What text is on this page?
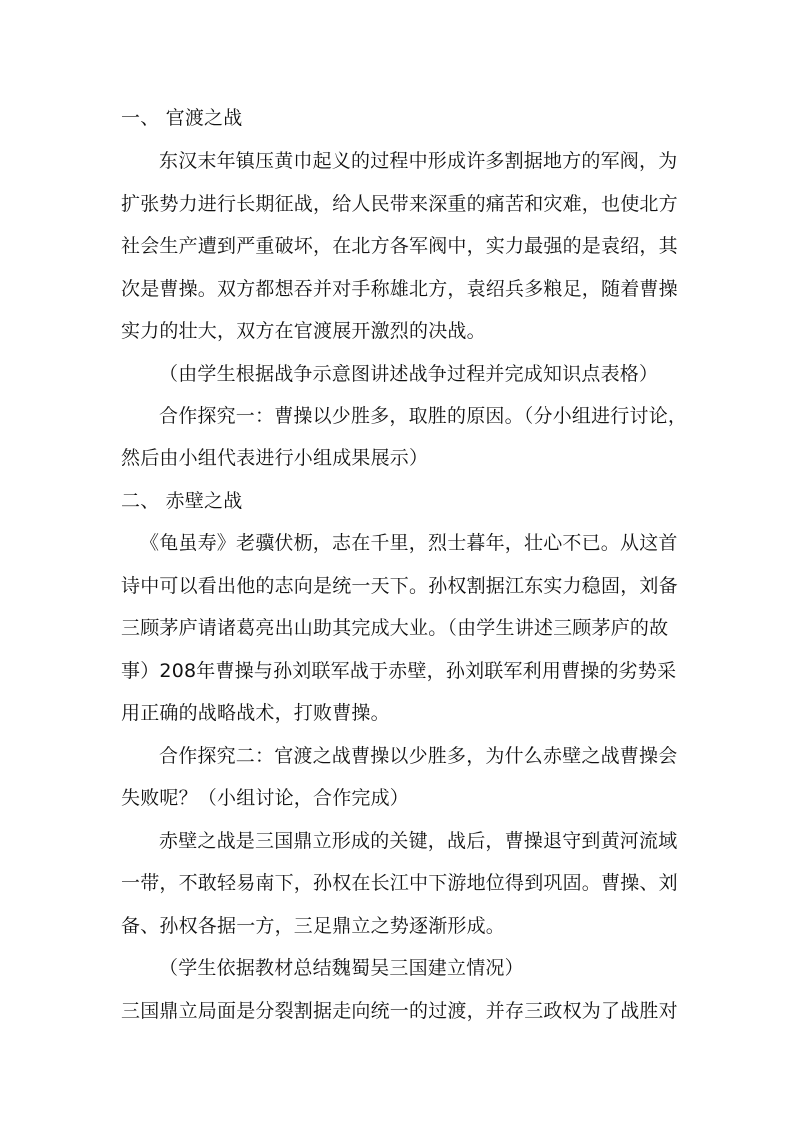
一、 官渡之战
东汉末年镇压黄巾起义的过程中形成许多割据地方的军阀，为
扩张势力进行长期征战，给人民带来深重的痛苦和灾难，也使北方
社会生产遭到严重破坏，在北方各军阀中，实力最强的是袁绍，其
次是曹操。双方都想吞并对手称雄北方，袁绍兵多粮足，随着曹操
实力的壮大，双方在官渡展开激烈的决战。
（由学生根据战争示意图讲述战争过程并完成知识点表格）
合作探究一：曹操以少胜多，取胜的原因。（分小组进行讨论，
然后由小组代表进行小组成果展示）
二、 赤壁之战
《龟虽寿》老骥伏枥，志在千里，烈士暮年，壮心不已。从这首
诗中可以看出他的志向是统一天下。孙权割据江东实力稳固，刘备
三顾茅庐请诸葛亮出山助其完成大业。（由学生讲述三顾茅庐的故
事）208年曹操与孙刘联军战于赤壁，孙刘联军利用曹操的劣势采
用正确的战略战术，打败曹操。
合作探究二：官渡之战曹操以少胜多，为什么赤壁之战曹操会
失败呢？（小组讨论，合作完成）
赤壁之战是三国鼎立形成的关键，战后，曹操退守到黄河流域
一带，不敢轻易南下，孙权在长江中下游地位得到巩固。曹操、刘
备、孙权各据一方，三足鼎立之势逐渐形成。
（学生依据教材总结魏蜀吴三国建立情况）
三国鼎立局面是分裂割据走向统一的过渡，并存三政权为了战胜对
